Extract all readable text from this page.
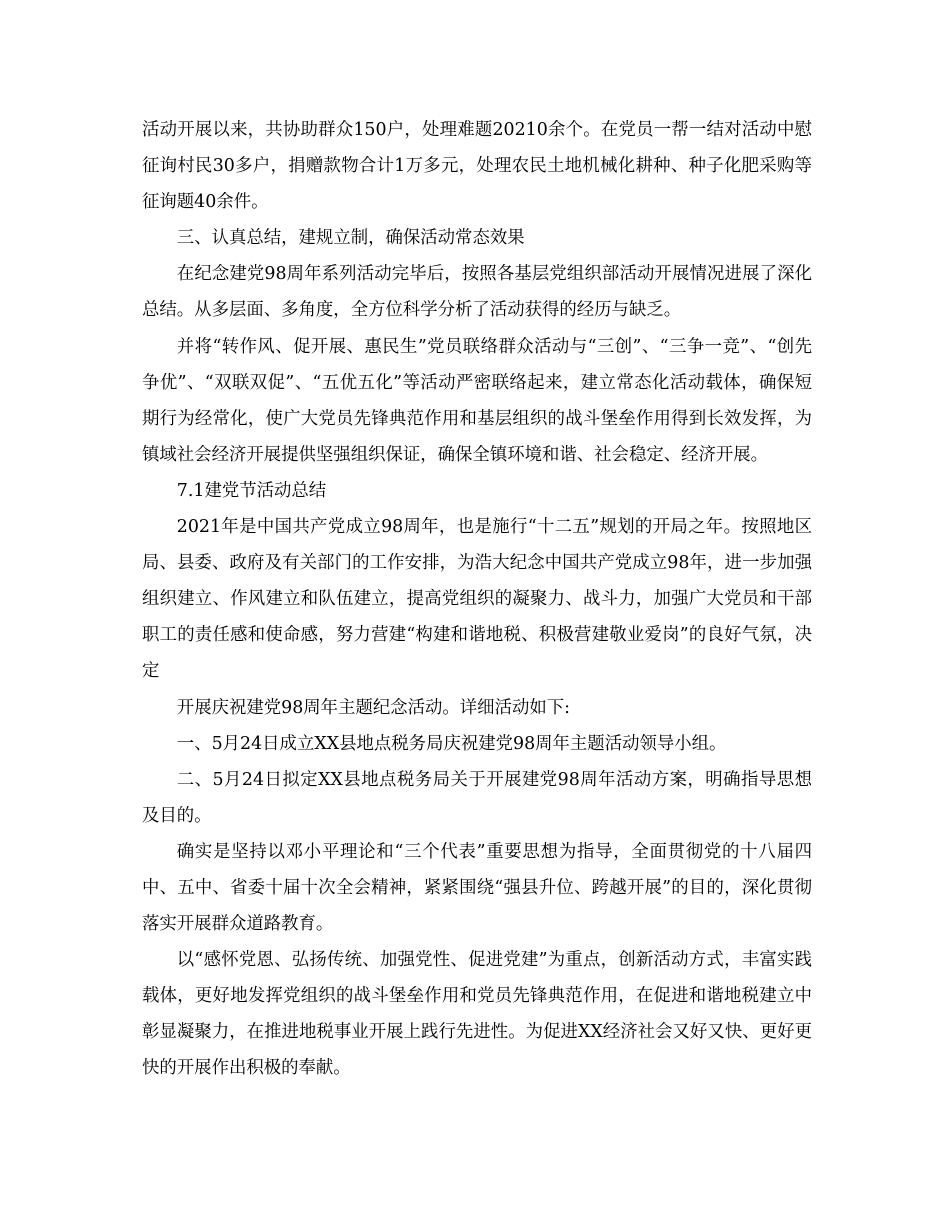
活动开展以来，共协助群众150户，处理难题20210余个。在党员一帮一结对活动中慰征询村民30多户，捐赠款物合计1万多元，处理农民土地机械化耕种、种子化肥采购等征询题40余件。

三、认真总结，建规立制，确保活动常态效果

在纪念建党98周年系列活动完毕后，按照各基层党组织部活动开展情况进展了深化总结。从多层面、多角度，全方位科学分析了活动获得的经历与缺乏。

并将“转作风、促开展、惠民生”党员联络群众活动与“三创”、“三争一竞”、“创先争优”、“双联双促”、“五优五化”等活动严密联络起来，建立常态化活动载体，确保短期行为经常化，使广大党员先锋典范作用和基层组织的战斗堡垒作用得到长效发挥，为镇域社会经济开展提供坚强组织保证，确保全镇环境和谐、社会稳定、经济开展。

7.1建党节活动总结

2021年是中国共产党成立98周年，也是施行“十二五”规划的开局之年。按照地区局、县委、政府及有关部门的工作安排，为浩大纪念中国共产党成立98年，进一步加强组织建立、作风建立和队伍建立，提高党组织的凝聚力、战斗力，加强广大党员和干部职工的责任感和使命感，努力营建“构建和谐地税、积极营建敬业爱岗”的良好气氛，决定

开展庆祝建党98周年主题纪念活动。详细活动如下:

一、5月24日成立XX县地点税务局庆祝建党98周年主题活动领导小组。

二、5月24日拟定XX县地点税务局关于开展建党98周年活动方案，明确指导思想及目的。

确实是坚持以邓小平理论和“三个代表”重要思想为指导，全面贯彻党的十八届四中、五中、省委十届十次全会精神，紧紧围绕“强县升位、跨越开展”的目的，深化贯彻落实开展群众道路教育。

以“感怀党恩、弘扬传统、加强党性、促进党建”为重点，创新活动方式，丰富实践载体，更好地发挥党组织的战斗堡垒作用和党员先锋典范作用，在促进和谐地税建立中彰显凝聚力，在推进地税事业开展上践行先进性。为促进XX经济社会又好又快、更好更快的开展作出积极的奉献。
